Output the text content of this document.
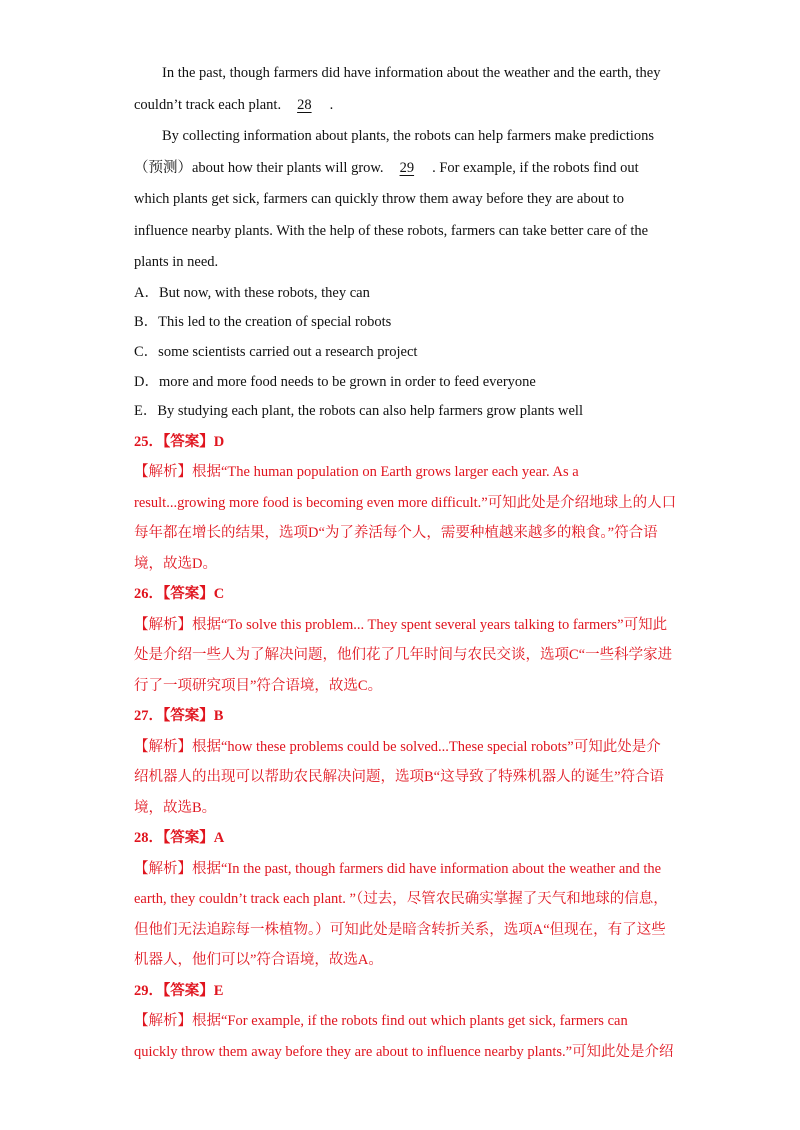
In the past, though farmers did have information about the weather and the earth, they

couldn’t track each plant. 28 .

By collecting information about plants, the robots can help farmers make predictions

（预测）about how their plants will grow. 29 . For example, if the robots find out

which plants get sick, farmers can quickly throw them away before they are about to

influence nearby plants. With the help of these robots, farmers can take better care of the

plants in need.

A．But now, with these robots, they can

B．This led to the creation of special robots

C．some scientists carried out a research project

D．more and more food needs to be grown in order to feed everyone

E．By studying each plant, the robots can also help farmers grow plants well

25．【答案】D

【解析】根据“The human population on Earth grows larger each year. As a

result...growing more food is becoming even more difficult.”可知此处是介绍地球上的人口

每年都在增长的结果，选项D“为了养活每个人，需要种植越来越多的粮食。”符合语

境，故选D。

26．【答案】C

【解析】根据“To solve this problem... They spent several years talking to farmers”可知此

处是介绍一些人为了解决问题，他们花了几年时间与农民交谈，选项C“一些科学家进

行了一项研究项目”符合语境，故选C。

27．【答案】B

【解析】根据“how these problems could be solved...These special robots”可知此处是介

绍机器人的出现可以帮助农民解决问题，选项B“这导致了特殊机器人的诞生”符合语

境，故选B。

28．【答案】A

【解析】根据“In the past, though farmers did have information about the weather and the

earth, they couldn’t track each plant. ”（过去，尽管农民确实掌握了天气和地球的信息，

但他们无法追踪每一株植物。）可知此处是暗含转折关系，选项A“但现在，有了这些

机器人，他们可以”符合语境，故选A。

29．【答案】E

【解析】根据“For example, if the robots find out which plants get sick, farmers can

quickly throw them away before they are about to influence nearby plants.”可知此处是介绍
